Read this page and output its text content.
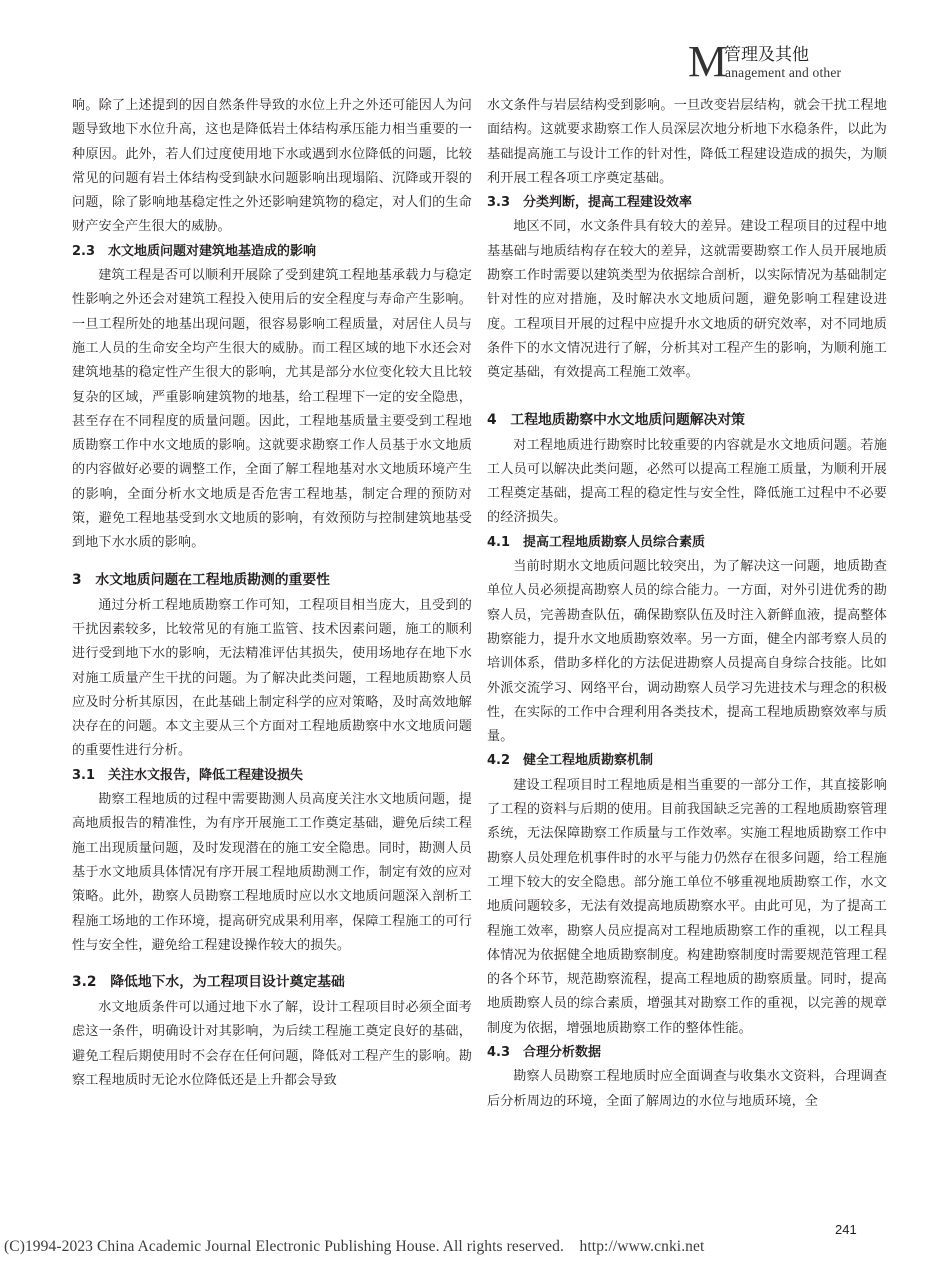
M
管理及其他
anagement and other

响。除了上述提到的因自然条件导致的水位上升之外还可能因人为问题导致地下水位升高，这也是降低岩土体结构承压能力相当重要的一种原因。此外，若人们过度使用地下水或遇到水位降低的问题，比较常见的问题有岩土体结构受到缺水问题影响出现塌陷、沉降或开裂的问题，除了影响地基稳定性之外还影响建筑物的稳定，对人们的生命财产安全产生很大的威胁。

2.3　水文地质问题对建筑地基造成的影响

建筑工程是否可以顺利开展除了受到建筑工程地基承载力与稳定性影响之外还会对建筑工程投入使用后的安全程度与寿命产生影响。一旦工程所处的地基出现问题，很容易影响工程质量，对居住人员与施工人员的生命安全均产生很大的威胁。而工程区域的地下水还会对建筑地基的稳定性产生很大的影响，尤其是部分水位变化较大且比较复杂的区域，严重影响建筑物的地基，给工程埋下一定的安全隐患，甚至存在不同程度的质量问题。因此，工程地基质量主要受到工程地质勘察工作中水文地质的影响。这就要求勘察工作人员基于水文地质的内容做好必要的调整工作，全面了解工程地基对水文地质环境产生的影响，全面分析水文地质是否危害工程地基，制定合理的预防对策，避免工程地基受到水文地质的影响，有效预防与控制建筑地基受到地下水水质的影响。

3　水文地质问题在工程地质勘测的重要性

通过分析工程地质勘察工作可知，工程项目相当庞大，且受到的干扰因素较多，比较常见的有施工监管、技术因素问题，施工的顺利进行受到地下水的影响，无法精准评估其损失，使用场地存在地下水对施工质量产生干扰的问题。为了解决此类问题，工程地质勘察人员应及时分析其原因，在此基础上制定科学的应对策略，及时高效地解决存在的问题。本文主要从三个方面对工程地质勘察中水文地质问题的重要性进行分析。

3.1　关注水文报告，降低工程建设损失

勘察工程地质的过程中需要勘测人员高度关注水文地质问题，提高地质报告的精准性，为有序开展施工工作奠定基础，避免后续工程施工出现质量问题，及时发现潜在的施工安全隐患。同时，勘测人员基于水文地质具体情况有序开展工程地质勘测工作，制定有效的应对策略。此外，勘察人员勘察工程地质时应以水文地质问题深入剖析工程施工场地的工作环境，提高研究成果利用率，保障工程施工的可行性与安全性，避免给工程建设操作较大的损失。

3.2　降低地下水，为工程项目设计奠定基础

水文地质条件可以通过地下水了解，设计工程项目时必须全面考虑这一条件，明确设计对其影响，为后续工程施工奠定良好的基础，避免工程后期使用时不会存在任何问题，降低对工程产生的影响。勘察工程地质时无论水位降低还是上升都会导致

水文条件与岩层结构受到影响。一旦改变岩层结构，就会干扰工程地面结构。这就要求勘察工作人员深层次地分析地下水稳条件，以此为基础提高施工与设计工作的针对性，降低工程建设造成的损失，为顺利开展工程各项工序奠定基础。

3.3　分类判断，提高工程建设效率

地区不同，水文条件具有较大的差异。建设工程项目的过程中地基基础与地质结构存在较大的差异，这就需要勘察工作人员开展地质勘察工作时需要以建筑类型为依据综合剖析，以实际情况为基础制定针对性的应对措施，及时解决水文地质问题，避免影响工程建设进度。工程项目开展的过程中应提升水文地质的研究效率，对不同地质条件下的水文情况进行了解，分析其对工程产生的影响，为顺利施工奠定基础，有效提高工程施工效率。

4　工程地质勘察中水文地质问题解决对策

对工程地质进行勘察时比较重要的内容就是水文地质问题。若施工人员可以解决此类问题，必然可以提高工程施工质量，为顺利开展工程奠定基础，提高工程的稳定性与安全性，降低施工过程中不必要的经济损失。

4.1　提高工程地质勘察人员综合素质

当前时期水文地质问题比较突出，为了解决这一问题，地质勘查单位人员必须提高勘察人员的综合能力。一方面，对外引进优秀的勘察人员，完善勘查队伍，确保勘察队伍及时注入新鲜血液，提高整体勘察能力，提升水文地质勘察效率。另一方面，健全内部考察人员的培训体系，借助多样化的方法促进勘察人员提高自身综合技能。比如外派交流学习、网络平台，调动勘察人员学习先进技术与理念的积极性，在实际的工作中合理利用各类技术，提高工程地质勘察效率与质量。

4.2　健全工程地质勘察机制

建设工程项目时工程地质是相当重要的一部分工作，其直接影响了工程的资料与后期的使用。目前我国缺乏完善的工程地质勘察管理系统，无法保障勘察工作质量与工作效率。实施工程地质勘察工作中勘察人员处理危机事件时的水平与能力仍然存在很多问题，给工程施工埋下较大的安全隐患。部分施工单位不够重视地质勘察工作，水文地质问题较多，无法有效提高地质勘察水平。由此可见，为了提高工程施工效率，勘察人员应提高对工程地质勘察工作的重视，以工程具体情况为依据健全地质勘察制度。构建勘察制度时需要规范管理工程的各个环节，规范勘察流程，提高工程地质的勘察质量。同时，提高地质勘察人员的综合素质，增强其对勘察工作的重视，以完善的规章制度为依据，增强地质勘察工作的整体性能。

4.3　合理分析数据

勘察人员勘察工程地质时应全面调查与收集水文资料，合理调查后分析周边的环境，全面了解周边的水位与地质环境，全

241
(C)1994-2023 China Academic Journal Electronic Publishing House. All rights reserved.　http://www.cnki.net
